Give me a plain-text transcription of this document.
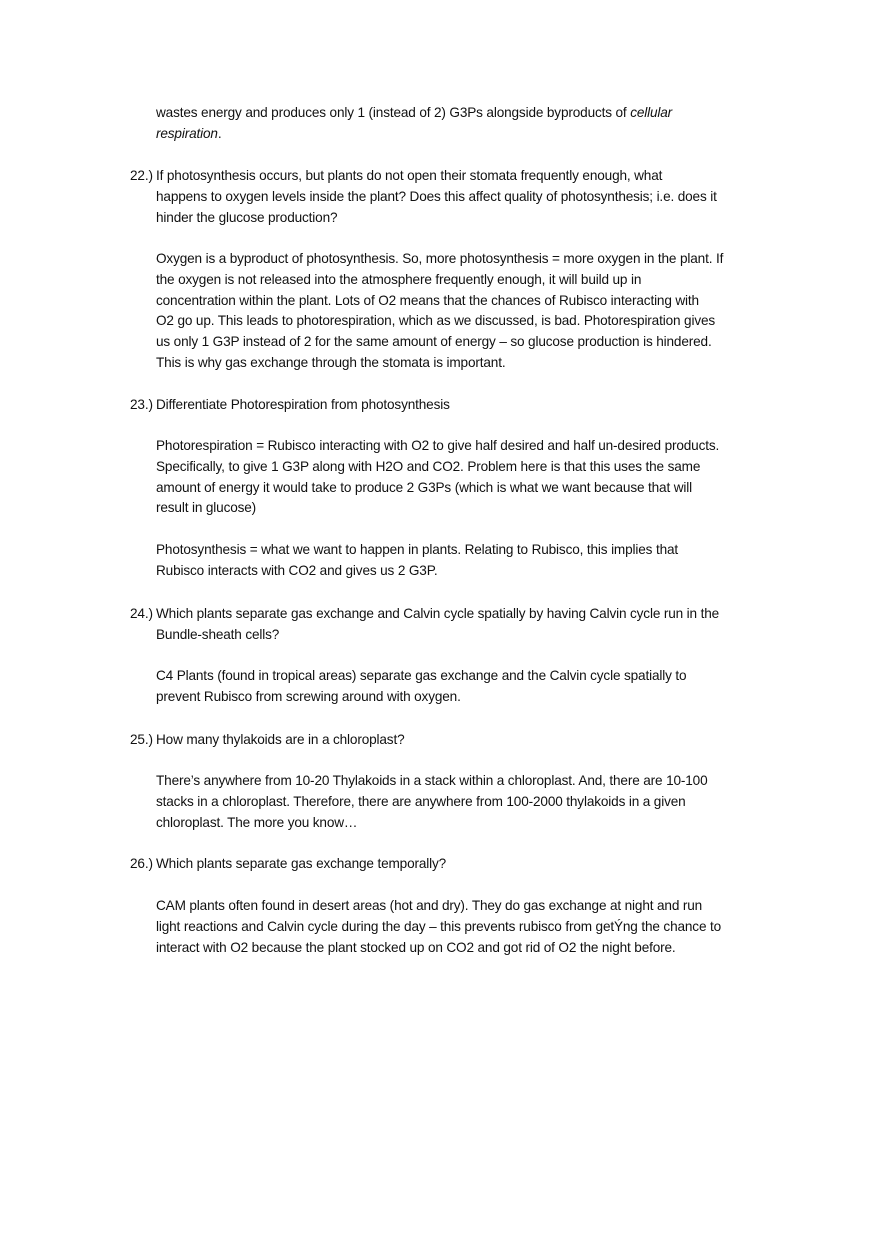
wastes energy and produces only 1 (instead of 2) G3Ps alongside byproducts of cellular
respiration.
22.) If photosynthesis occurs, but plants do not open their stomata frequently enough, what
happens to oxygen levels inside the plant? Does this affect quality of photosynthesis; i.e. does it
hinder the glucose production?
Oxygen is a byproduct of photosynthesis. So, more photosynthesis = more oxygen in the plant. If
the oxygen is not released into the atmosphere frequently enough, it will build up in
concentration within the plant. Lots of O2 means that the chances of Rubisco interacting with
O2 go up. This leads to photorespiration, which as we discussed, is bad. Photorespiration gives
us only 1 G3P instead of 2 for the same amount of energy – so glucose production is hindered.
This is why gas exchange through the stomata is important.
23.) Differentiate Photorespiration from photosynthesis
Photorespiration = Rubisco interacting with O2 to give half desired and half un-desired products.
Specifically, to give 1 G3P along with H2O and CO2. Problem here is that this uses the same
amount of energy it would take to produce 2 G3Ps (which is what we want because that will
result in glucose)
Photosynthesis = what we want to happen in plants. Relating to Rubisco, this implies that
Rubisco interacts with CO2 and gives us 2 G3P.
24.) Which plants separate gas exchange and Calvin cycle spatially by having Calvin cycle run in the
Bundle-sheath cells?
C4 Plants (found in tropical areas) separate gas exchange and the Calvin cycle spatially to
prevent Rubisco from screwing around with oxygen.
25.) How many thylakoids are in a chloroplast?
There’s anywhere from 10-20 Thylakoids in a stack within a chloroplast. And, there are 10-100
stacks in a chloroplast. Therefore, there are anywhere from 100-2000 thylakoids in a given
chloroplast. The more you know…
26.) Which plants separate gas exchange temporally?
CAM plants often found in desert areas (hot and dry). They do gas exchange at night and run
light reactions and Calvin cycle during the day – this prevents rubisco from getÝng the chance to
interact with O2 because the plant stocked up on CO2 and got rid of O2 the night before.
